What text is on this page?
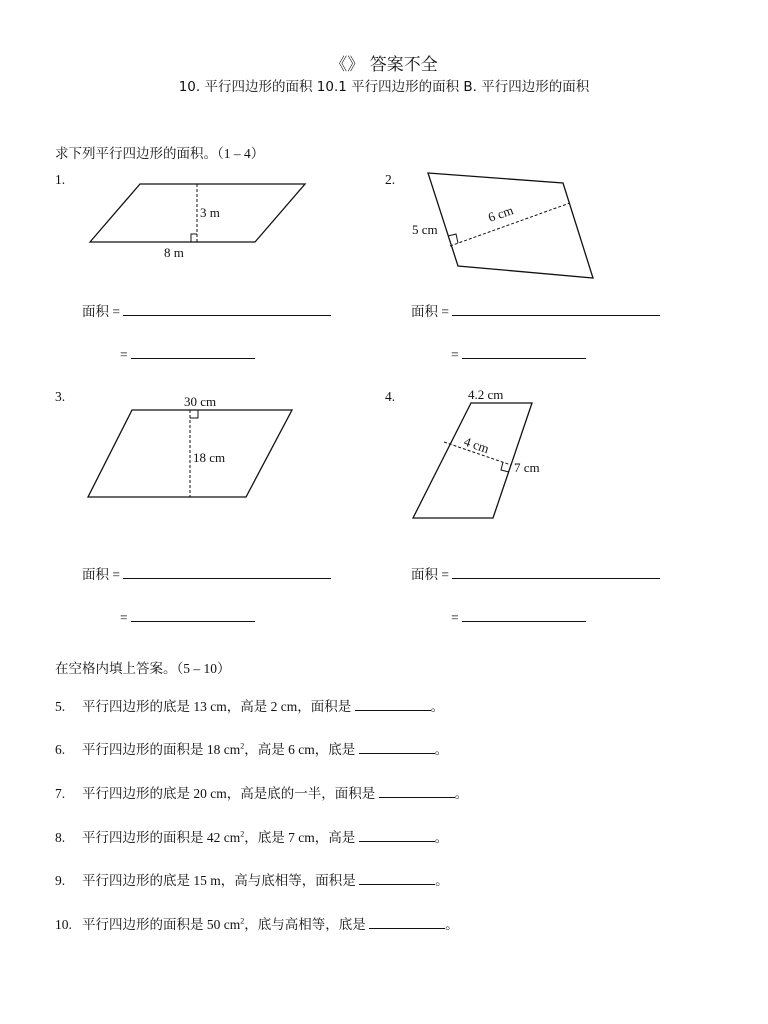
《》 答案不全
10. 平行四边形的面积 10.1 平行四边形的面积 B. 平行四边形的面积
求下列平行四边形的面积。（1 – 4）
1.
3 m
8 m
面积 =
=
2.
5 cm
6 cm
面积 =
=
3.	30 cm
18 cm
面积 =
=
4.	4.2 cm
4 cm
7 cm
面积 =
=
在空格内填上答案。（5 – 10）
5. 平行四边形的底是 13 cm，高是 2 cm，面积是	。
6. 平行四边形的面积是 18 $cm^2$，高是 6 cm，底是	。
7. 平行四边形的底是 20 cm，高是底的一半，面积是	。
8. 平行四边形的面积是 42 $cm^2$，底是 7 cm，高是	。
9. 平行四边形的底是 15 m，高与底相等，面积是	。
10. 平行四边形的面积是 50 $cm^2$，底与高相等，底是	。
